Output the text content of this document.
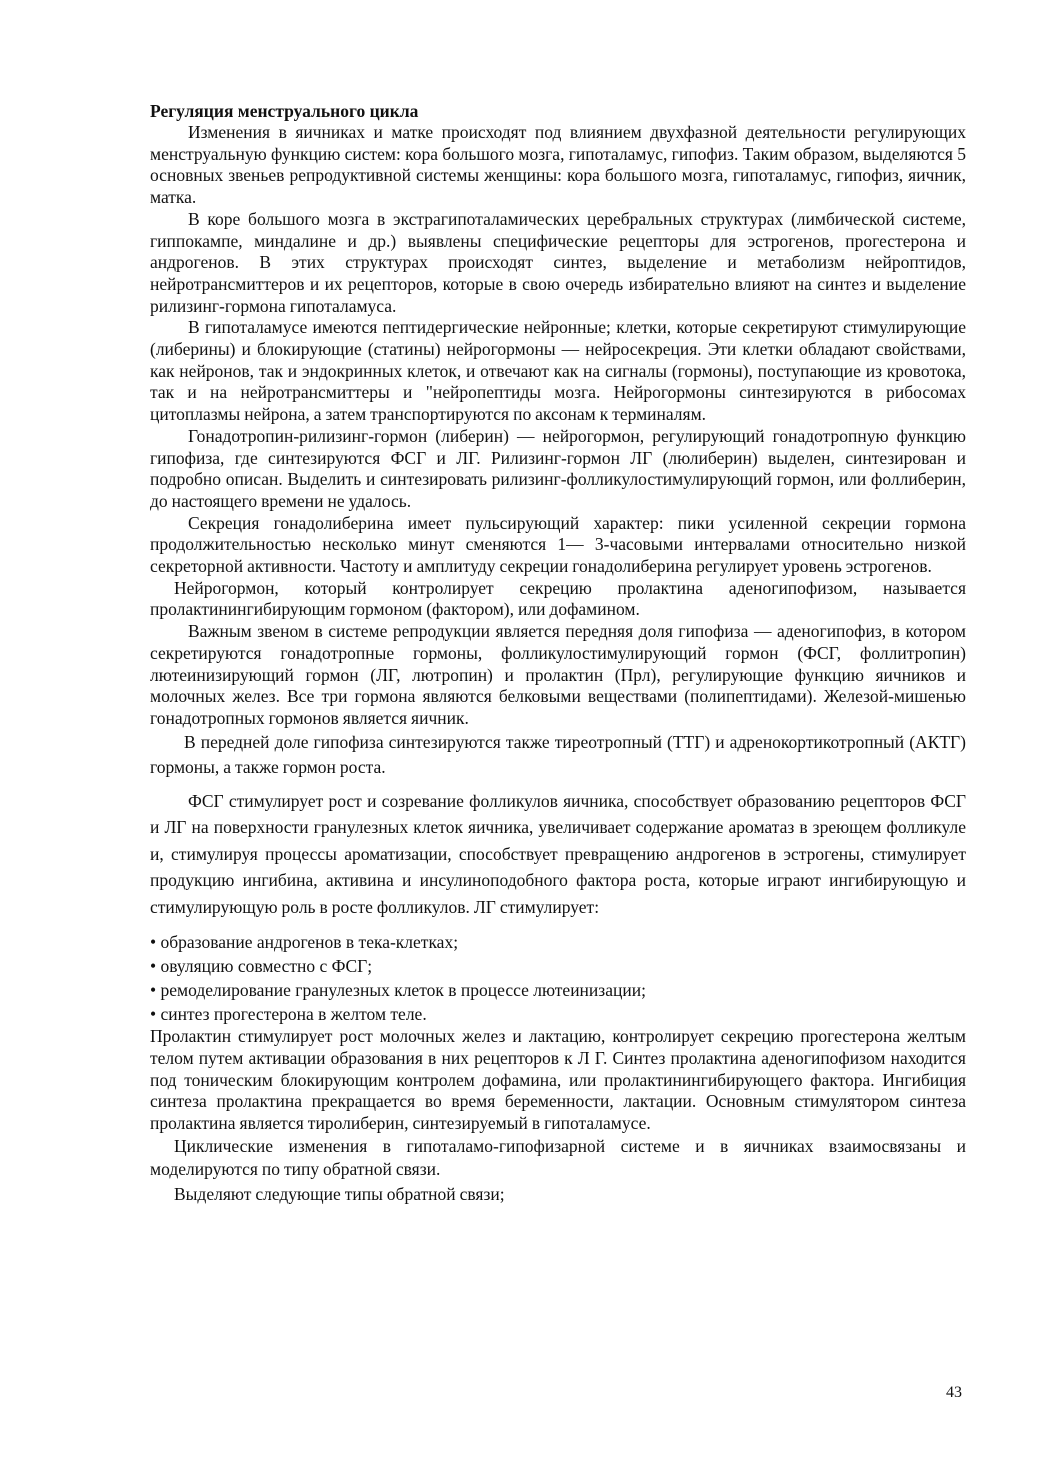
Регуляция менструального цикла

Изменения в яичниках и матке происходят под влиянием двухфазной деятельности регулирующих менструальную функцию систем: кора большого мозга, гипоталамус, гипофиз. Таким образом, выделяются 5 основных звеньев репродуктивной системы женщины: кора большого мозга, гипоталамус, гипофиз, яичник, матка.

В коре большого мозга в экстрагипоталамических церебральных структурах (лимбической системе, гиппокампе, миндалине и др.) выявлены специфические рецепторы для эстрогенов, прогестерона и андрогенов. В этих структурах происходят синтез, выделение и метаболизм нейроптидов, нейротрансмиттеров и их рецепторов, которые в свою очередь избирательно влияют на синтез и выделение рилизинг-гормона гипоталамуса.

В гипоталамусе имеются пептидергические нейронные; клетки, которые секретируют стимулирующие (либерины) и блокирующие (статины) нейрогормоны — нейросекреция. Эти клетки обладают свойствами, как нейронов, так и эндокринных клеток, и отвечают как на сигналы (гормоны), поступающие из кровотока, так и на нейротрансмиттеры и "нейропептиды мозга. Нейрогормоны синтезируются в рибосомах цитоплазмы нейрона, а затем транспортируются по аксонам к терминалям.

Гонадотропин-рилизинг-гормон (либерин) — нейрогормон, регулирующий гонадотропную функцию гипофиза, где синтезируются ФСГ и ЛГ. Рилизинг-гормон ЛГ (люлиберин) выделен, синтезирован и подробно описан. Выделить и синтезировать рилизинг-фолликулостимулирующий гормон, или фоллиберин, до настоящего времени не удалось.

Секреция гонадолиберина имеет пульсирующий характер: пики усиленной секреции гормона продолжительностью несколько минут сменяются 1— 3-часовыми интервалами относительно низкой секреторной активности. Частоту и амплитуду секреции гонадолиберина регулирует уровень эстрогенов.

Нейрогормон, который контролирует секрецию пролактина аденогипофизом, называется пролактинингибирующим гормоном (фактором), или дофамином.

Важным звеном в системе репродукции является передняя доля гипофиза — аденогипофиз, в котором секретируются гонадотропные гормоны, фолликулостимулирующий гормон (ФСГ, фоллитропин) лютеинизирующий гормон (ЛГ, лютропин) и пролактин (Прл), регулирующие функцию яичников и молочных желез. Все три гормона являются белковыми веществами (полипептидами). Железой-мишенью гонадотропных гормонов является яичник.

В передней доле гипофиза синтезируются также тиреотропный (ТТГ) и адренокортикотропный (АКТГ) гормоны, а также гормон роста.

ФСГ стимулирует рост и созревание фолликулов яичника, способствует образованию рецепторов ФСГ и ЛГ на поверхности гранулезных клеток яичника, увеличивает содержание ароматаз в зреющем фолликуле и, стимулируя процессы ароматизации, способствует превращению андрогенов в эстрогены, стимулирует продукцию ингибина, активина и инсулиноподобного фактора роста, которые играют ингибирующую и стимулирующую роль в росте фолликулов. ЛГ стимулирует:

• образование андрогенов в тека-клетках;

• овуляцию совместно с ФСГ;

• ремоделирование гранулезных клеток в процессе лютеинизации;

• синтез прогестерона в желтом теле.

Пролактин стимулирует рост молочных желез и лактацию, контролирует секрецию прогестерона желтым телом путем активации образования в них рецепторов к Л Г. Синтез пролактина аденогипофизом находится под тоническим блокирующим контролем дофамина, или пролактинингибирующего фактора. Ингибиция синтеза пролактина прекращается во время беременности, лактации. Основным стимулятором синтеза пролактина является тиролиберин, синтезируемый в гипоталамусе.

Циклические изменения в гипоталамо-гипофизарной системе и в яичниках взаимосвязаны и моделируются по типу обратной связи.

Выделяют следующие типы обратной связи;

43
